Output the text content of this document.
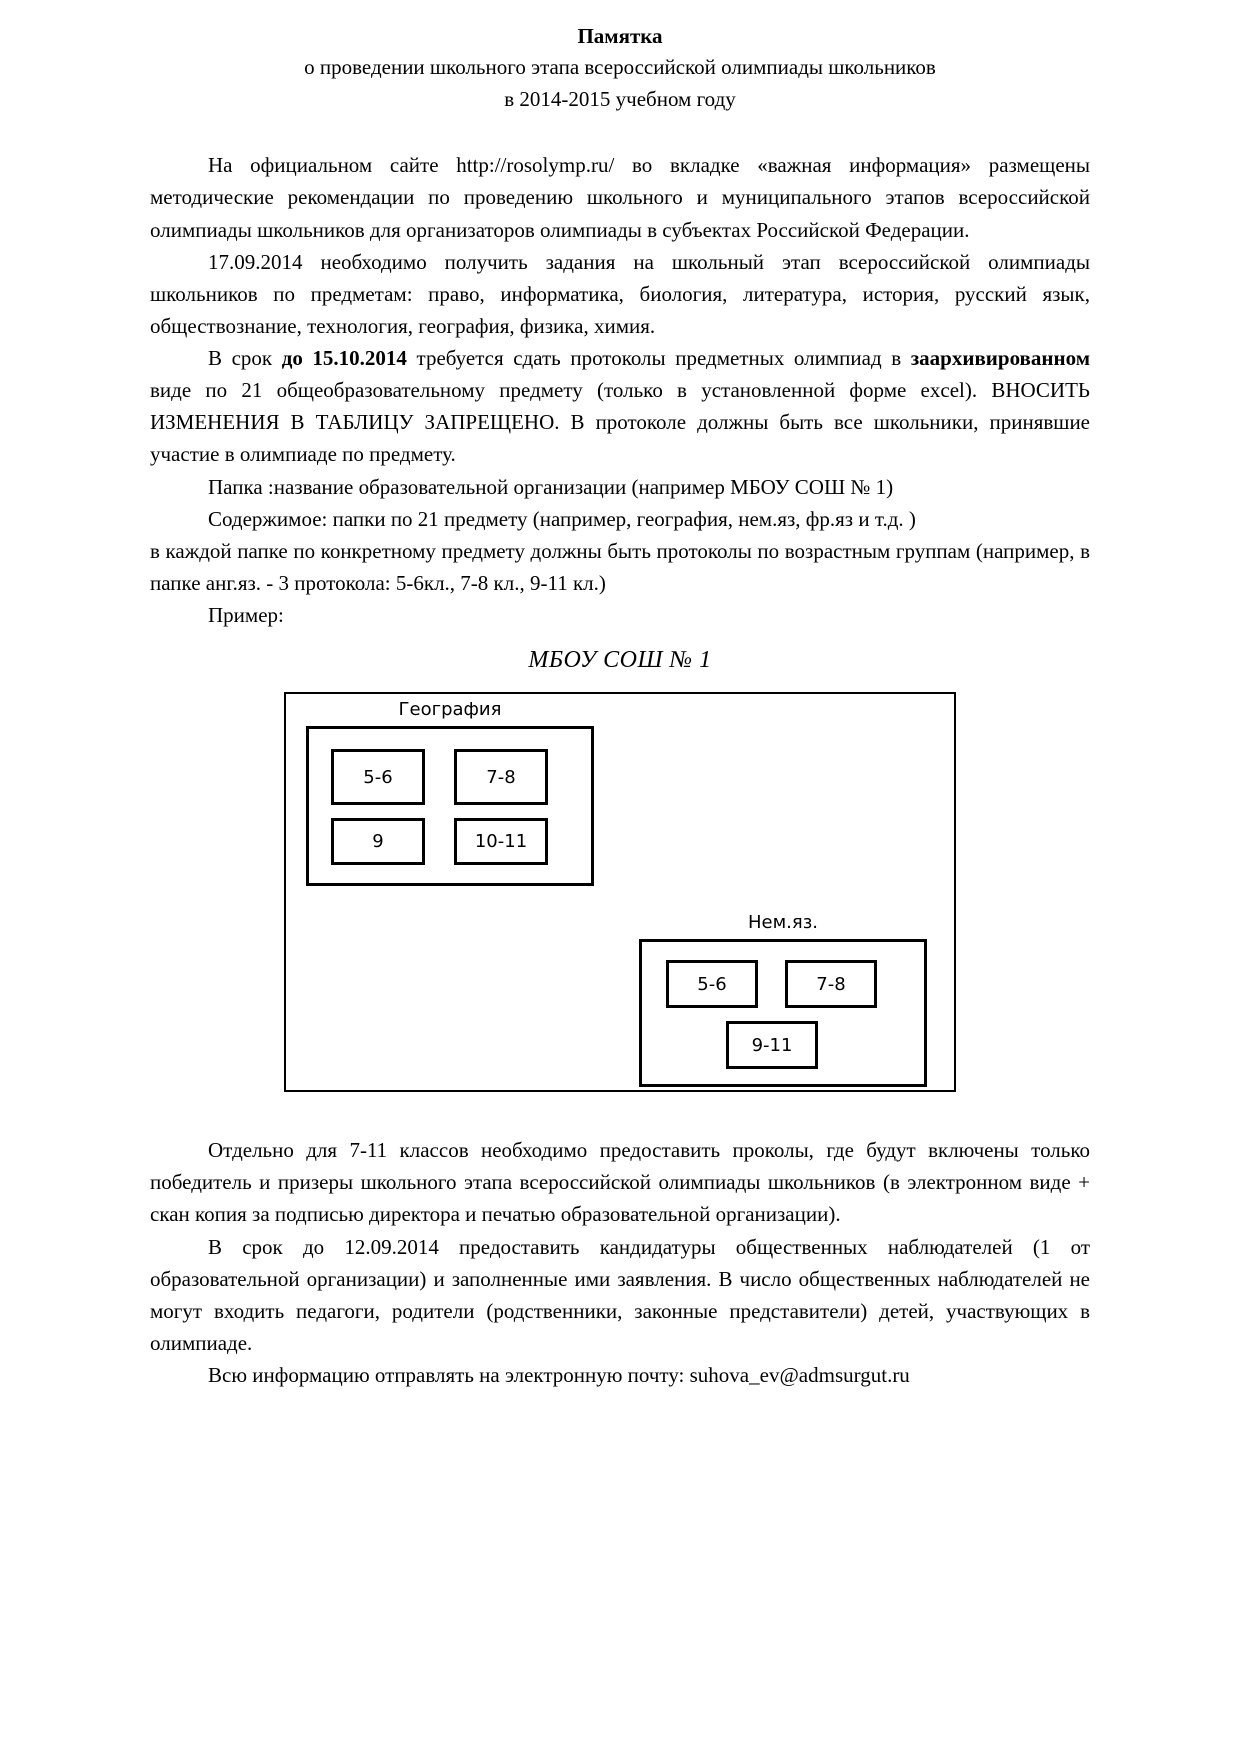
Памятка
о проведении школьного этапа всероссийской олимпиады школьников
в 2014-2015 учебном году

На официальном сайте http://rosolymp.ru/ во вкладке «важная информация» размещены методические рекомендации по проведению школьного и муниципального этапов всероссийской олимпиады школьников для организаторов олимпиады в субъектах Российской Федерации.

17.09.2014 необходимо получить задания на школьный этап всероссийской олимпиады школьников по предметам: право, информатика, биология, литература, история, русский язык, обществознание, технология, география, физика, химия.

В срок до 15.10.2014 требуется сдать протоколы предметных олимпиад в заархивированном виде по 21 общеобразовательному предмету (только в установленной форме excel). ВНОСИТЬ ИЗМЕНЕНИЯ В ТАБЛИЦУ ЗАПРЕЩЕНО. В протоколе должны быть все школьники, принявшие участие в олимпиаде по предмету.

Папка :название образовательной организации (например МБОУ СОШ № 1)

Содержимое: папки по 21 предмету (например, география, нем.яз, фр.яз и т.д. )

в каждой папке по конкретному предмету должны быть протоколы по возрастным группам (например, в папке анг.яз. - 3 протокола: 5-6кл., 7-8 кл., 9-11 кл.)

Пример:

МБОУ СОШ № 1
География
5-6	7-8
9	10-11
Нем.яз.
5-6	7-8
9-11

Отдельно для 7-11 классов необходимо предоставить проколы, где будут включены только победитель и призеры школьного этапа всероссийской олимпиады школьников (в электронном виде + скан копия за подписью директора и печатью образовательной организации).

В срок до 12.09.2014 предоставить кандидатуры общественных наблюдателей (1 от образовательной организации) и заполненные ими заявления. В число общественных наблюдателей не могут входить педагоги, родители (родственники, законные представители) детей, участвующих в олимпиаде.

Всю информацию отправлять на электронную почту: suhova_ev@admsurgut.ru
